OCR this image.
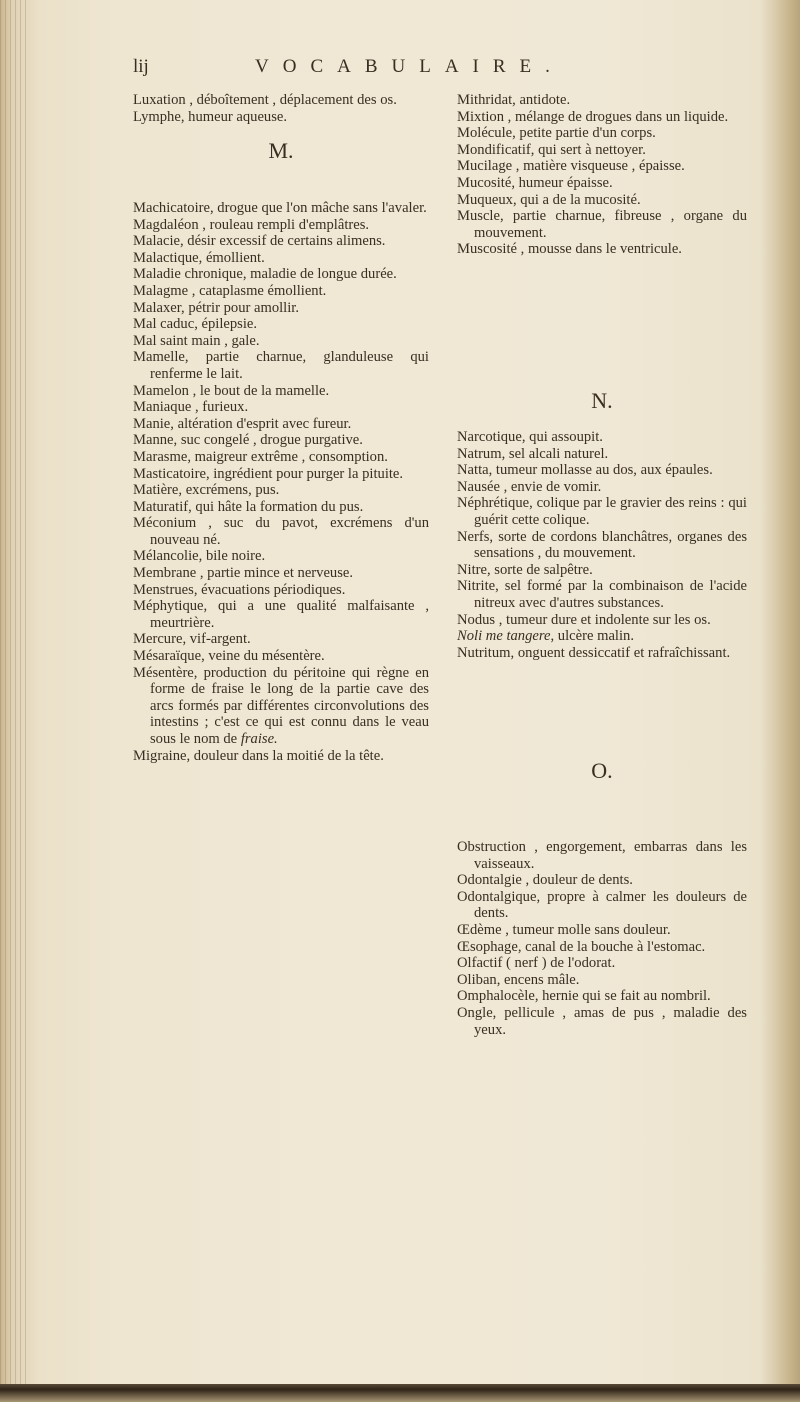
lij	VOCABULAIRE.
Luxation , déboîtement , déplacement des os.
Lymphe, humeur aqueuse.
M.
Machicatoire, drogue que l'on mâche sans l'avaler.
Magdaléon , rouleau rempli d'emplâtres.
Malacie, désir excessif de certains alimens.
Malactique, émollient.
Maladie chronique, maladie de longue durée.
Malagme , cataplasme émollient.
Malaxer, pétrir pour amollir.
Mal caduc, épilepsie.
Mal saint main , gale.
Mamelle, partie charnue, glanduleuse qui renferme le lait.
Mamelon , le bout de la mamelle.
Maniaque , furieux.
Manie, altération d'esprit avec fureur.
Manne, suc congelé , drogue purgative.
Marasme, maigreur extrême , consomption.
Masticatoire, ingrédient pour purger la pituite.
Matière, excrémens, pus.
Maturatif, qui hâte la formation du pus.
Méconium , suc du pavot, excrémens d'un nouveau né.
Mélancolie, bile noire.
Membrane , partie mince et nerveuse.
Menstrues, évacuations périodiques.
Méphytique, qui a une qualité malfaisante , meurtrière.
Mercure, vif-argent.
Mésaraïque, veine du mésentère.
Mésentère, production du péritoine qui règne en forme de fraise le long de la partie cave des arcs formés par différentes circonvolutions des intestins ; c'est ce qui est connu dans le veau sous le nom de fraise.
Migraine, douleur dans la moitié de la tête.
Mithridat, antidote.
Mixtion , mélange de drogues dans un liquide.
Molécule, petite partie d'un corps.
Mondificatif, qui sert à nettoyer.
Mucilage , matière visqueuse , épaisse.
Mucosité, humeur épaisse.
Muqueux, qui a de la mucosité.
Muscle, partie charnue, fibreuse , organe du mouvement.
Muscosité , mousse dans le ventricule.
N.
Narcotique, qui assoupit.
Natrum, sel alcali naturel.
Natta, tumeur mollasse au dos, aux épaules.
Nausée , envie de vomir.
Néphrétique, colique par le gravier des reins : qui guérit cette colique.
Nerfs, sorte de cordons blanchâtres, organes des sensations , du mouvement.
Nitre, sorte de salpêtre.
Nitrite, sel formé par la combinaison de l'acide nitreux avec d'autres substances.
Nodus , tumeur dure et indolente sur les os.
Noli me tangere, ulcère malin.
Nutritum, onguent dessiccatif et rafraîchissant.
O.
Obstruction , engorgement, embarras dans les vaisseaux.
Odontalgie , douleur de dents.
Odontalgique, propre à calmer les douleurs de dents.
Œdème , tumeur molle sans douleur.
Œsophage, canal de la bouche à l'estomac.
Olfactif ( nerf ) de l'odorat.
Oliban, encens mâle.
Omphalocèle, hernie qui se fait au nombril.
Ongle, pellicule , amas de pus , maladie des yeux.
